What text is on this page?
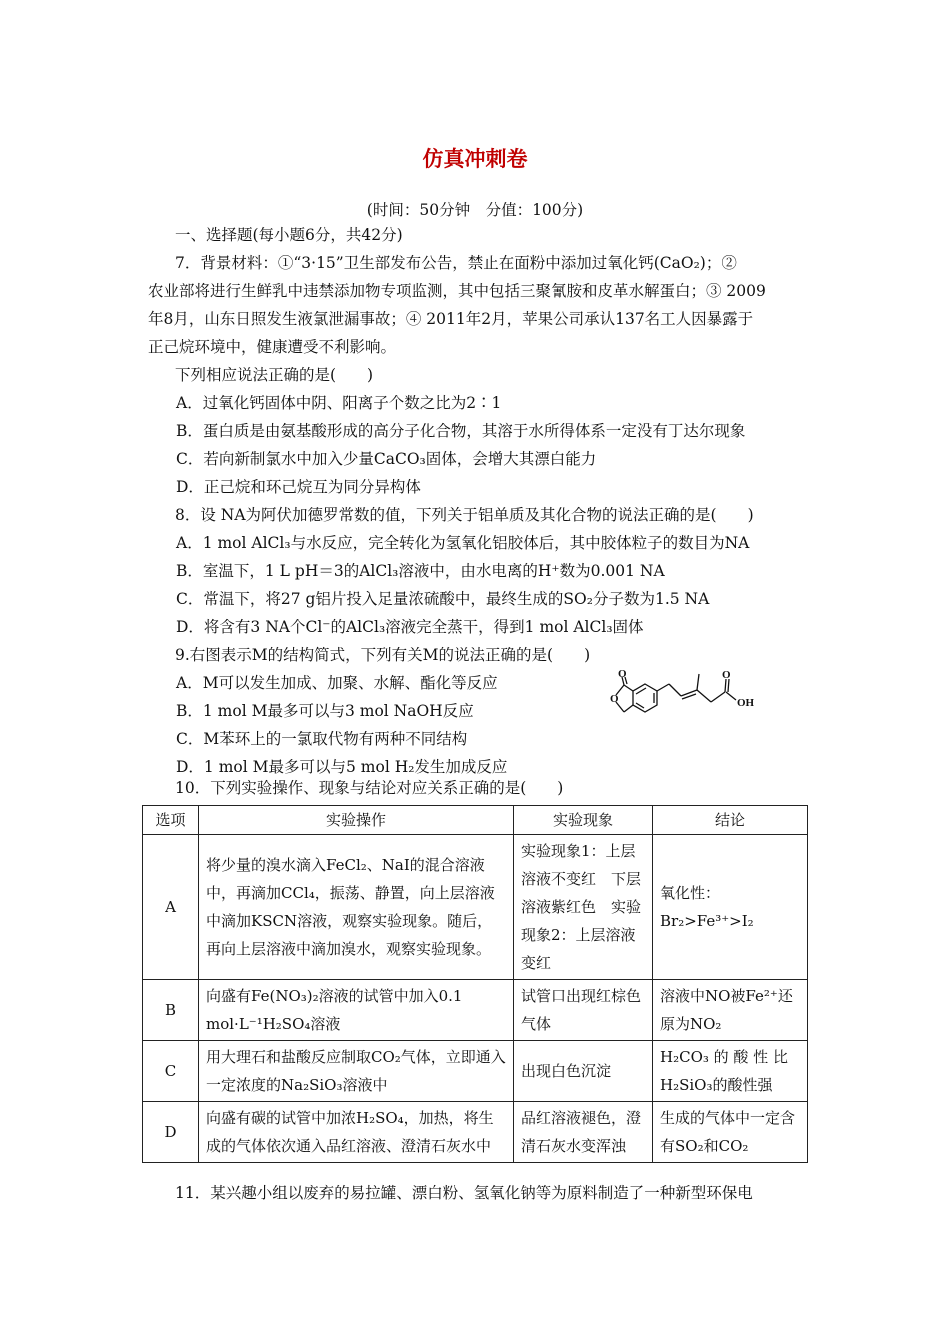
仿真冲刺卷
(时间：50分钟　分值：100分)
一、选择题(每小题6分，共42分)
7．背景材料：①“3·15”卫生部发布公告，禁止在面粉中添加过氧化钙(CaO₂)；②
农业部将进行生鲜乳中违禁添加物专项监测，其中包括三聚氰胺和皮革水解蛋白；③ 2009
年8月，山东日照发生液氯泄漏事故；④ 2011年2月，苹果公司承认137名工人因暴露于
正己烷环境中，健康遭受不利影响。
下列相应说法正确的是(　　)
A．过氧化钙固体中阴、阳离子个数之比为2∶1
B．蛋白质是由氨基酸形成的高分子化合物，其溶于水所得体系一定没有丁达尔现象
C．若向新制氯水中加入少量CaCO₃固体，会增大其漂白能力
D．正己烷和环己烷互为同分异构体
8．设 NA为阿伏加德罗常数的值，下列关于铝单质及其化合物的说法正确的是(　　)
A．1 mol AlCl₃与水反应，完全转化为氢氧化铝胶体后，其中胶体粒子的数目为NA
B．室温下，1 L pH＝3的AlCl₃溶液中，由水电离的H⁺数为0.001 NA
C．常温下，将27 g铝片投入足量浓硫酸中，最终生成的SO₂分子数为1.5 NA
D．将含有3 NA个Cl⁻的AlCl₃溶液完全蒸干，得到1 mol AlCl₃固体
9.右图表示M的结构简式，下列有关M的说法正确的是(　　)
A．M可以发生加成、加聚、水解、酯化等反应
B．1 mol M最多可以与3 mol NaOH反应
C．M苯环上的一氯取代物有两种不同结构
D．1 mol M最多可以与5 mol H₂发生加成反应
O
O
O
OH
10．下列实验操作、现象与结论对应关系正确的是(　　)
选项	实验操作	实验现象	结论
A	将少量的溴水滴入FeCl₂、NaI的混合溶液中，再滴加CCl₄，振荡、静置，向上层溶液中滴加KSCN溶液，观察实验现象。随后，再向上层溶液中滴加溴水，观察实验现象。	实验现象1：上层溶液不变红　下层溶液紫红色　实验现象2：上层溶液变红	氧化性：Br₂>Fe³⁺>I₂
B	向盛有Fe(NO₃)₂溶液的试管中加入0.1 mol·L⁻¹H₂SO₄溶液	试管口出现红棕色气体	溶液中NO被Fe²⁺还原为NO₂
C	用大理石和盐酸反应制取CO₂气体，立即通入一定浓度的Na₂SiO₃溶液中	出现白色沉淀	H₂CO₃ 的 酸 性 比 H₂SiO₃的酸性强
D	向盛有碳的试管中加浓H₂SO₄，加热，将生成的气体依次通入品红溶液、澄清石灰水中	品红溶液褪色，澄清石灰水变浑浊	生成的气体中一定含有SO₂和CO₂
11．某兴趣小组以废弃的易拉罐、漂白粉、氢氧化钠等为原料制造了一种新型环保电
